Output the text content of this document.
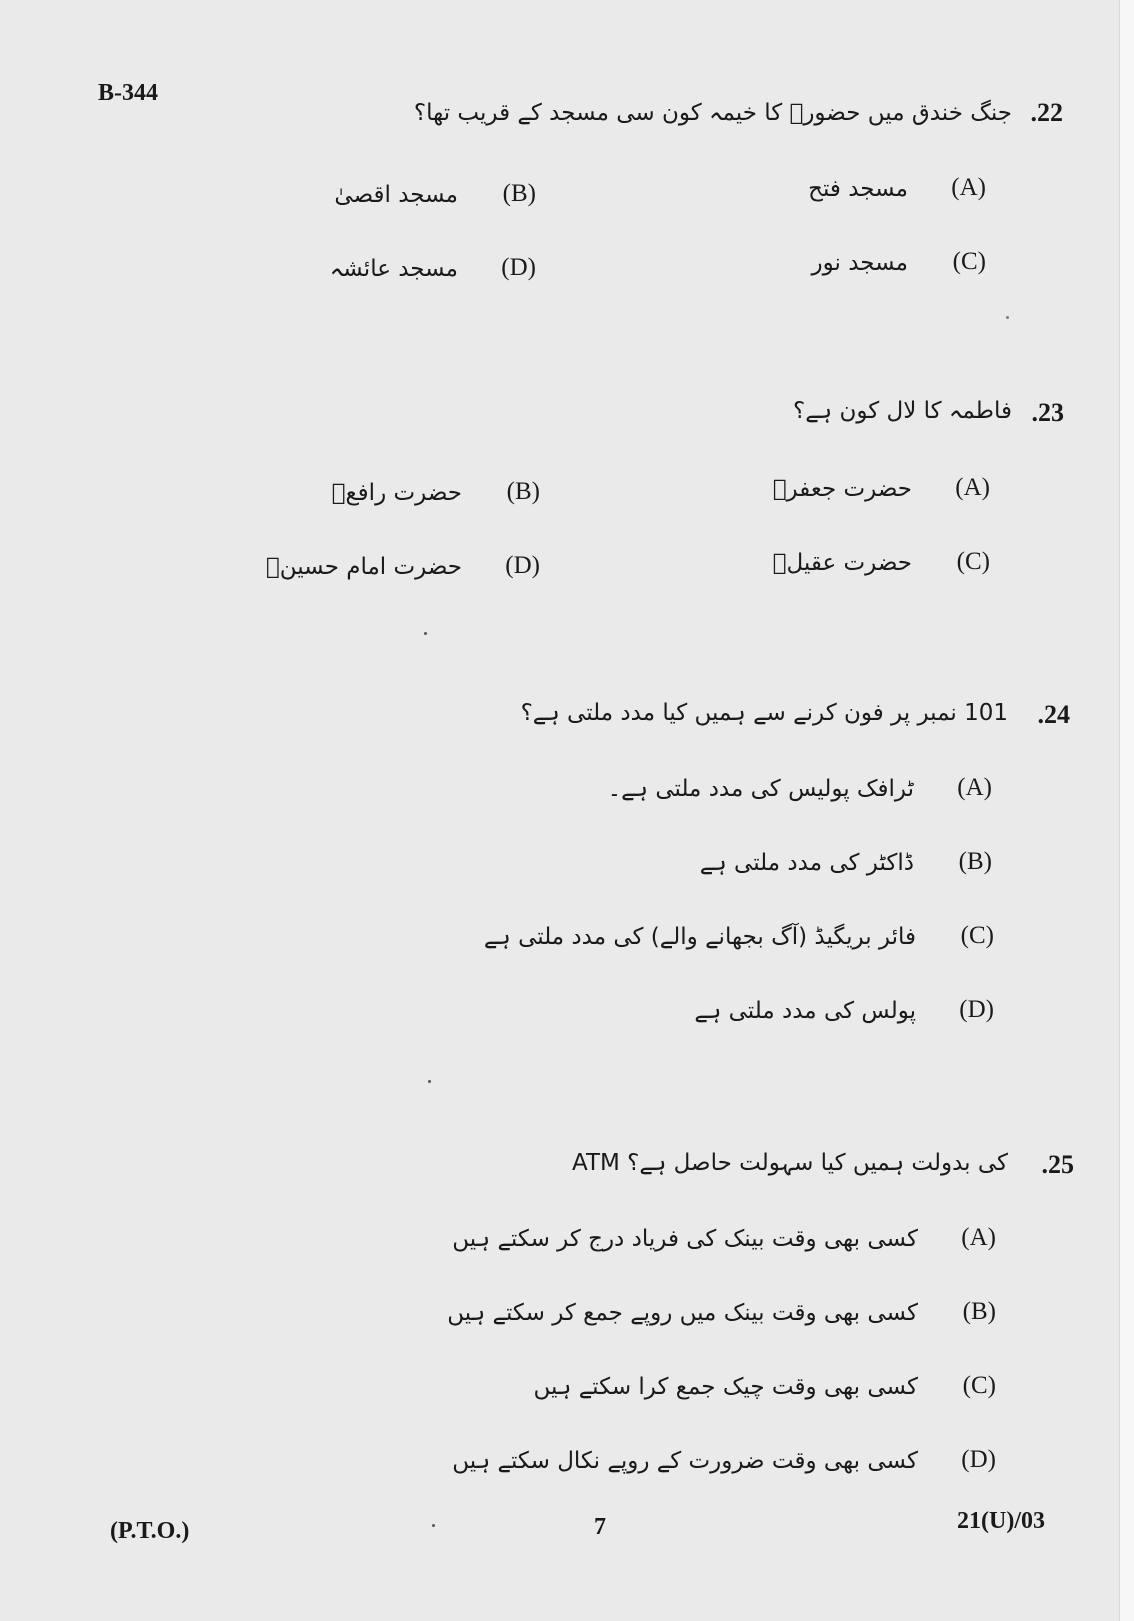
B-344
.22
جنگ خندق میں حضورؐ کا خیمہ کون سی مسجد کے قریب تھا؟
(A)
مسجد فتح
(B)
مسجد اقصیٰ
(C)
مسجد نور
(D)
مسجد عائشہ
.23
فاطمہ کا لال کون ہے؟
(A)
حضرت جعفرؓ
(B)
حضرت رافعؓ
(C)
حضرت عقیلؓ
(D)
حضرت امام حسینؓ
.24
101 نمبر پر فون کرنے سے ہمیں کیا مدد ملتی ہے؟
(A)
ٹرافک پولیس کی مدد ملتی ہے۔
(B)
ڈاکٹر کی مدد ملتی ہے
(C)
فائر بریگیڈ (آگ بجھانے والے) کی مدد ملتی ہے
(D)
پولس کی مدد ملتی ہے
.25
ATM کی بدولت ہمیں کیا سہولت حاصل ہے؟
(A)
کسی بھی وقت بینک کی فریاد درج کر سکتے ہیں
(B)
کسی بھی وقت بینک میں روپے جمع کر سکتے ہیں
(C)
کسی بھی وقت چیک جمع کرا سکتے ہیں
(D)
کسی بھی وقت ضرورت کے روپے نکال سکتے ہیں
(P.T.O.)	7	21(U)/03
